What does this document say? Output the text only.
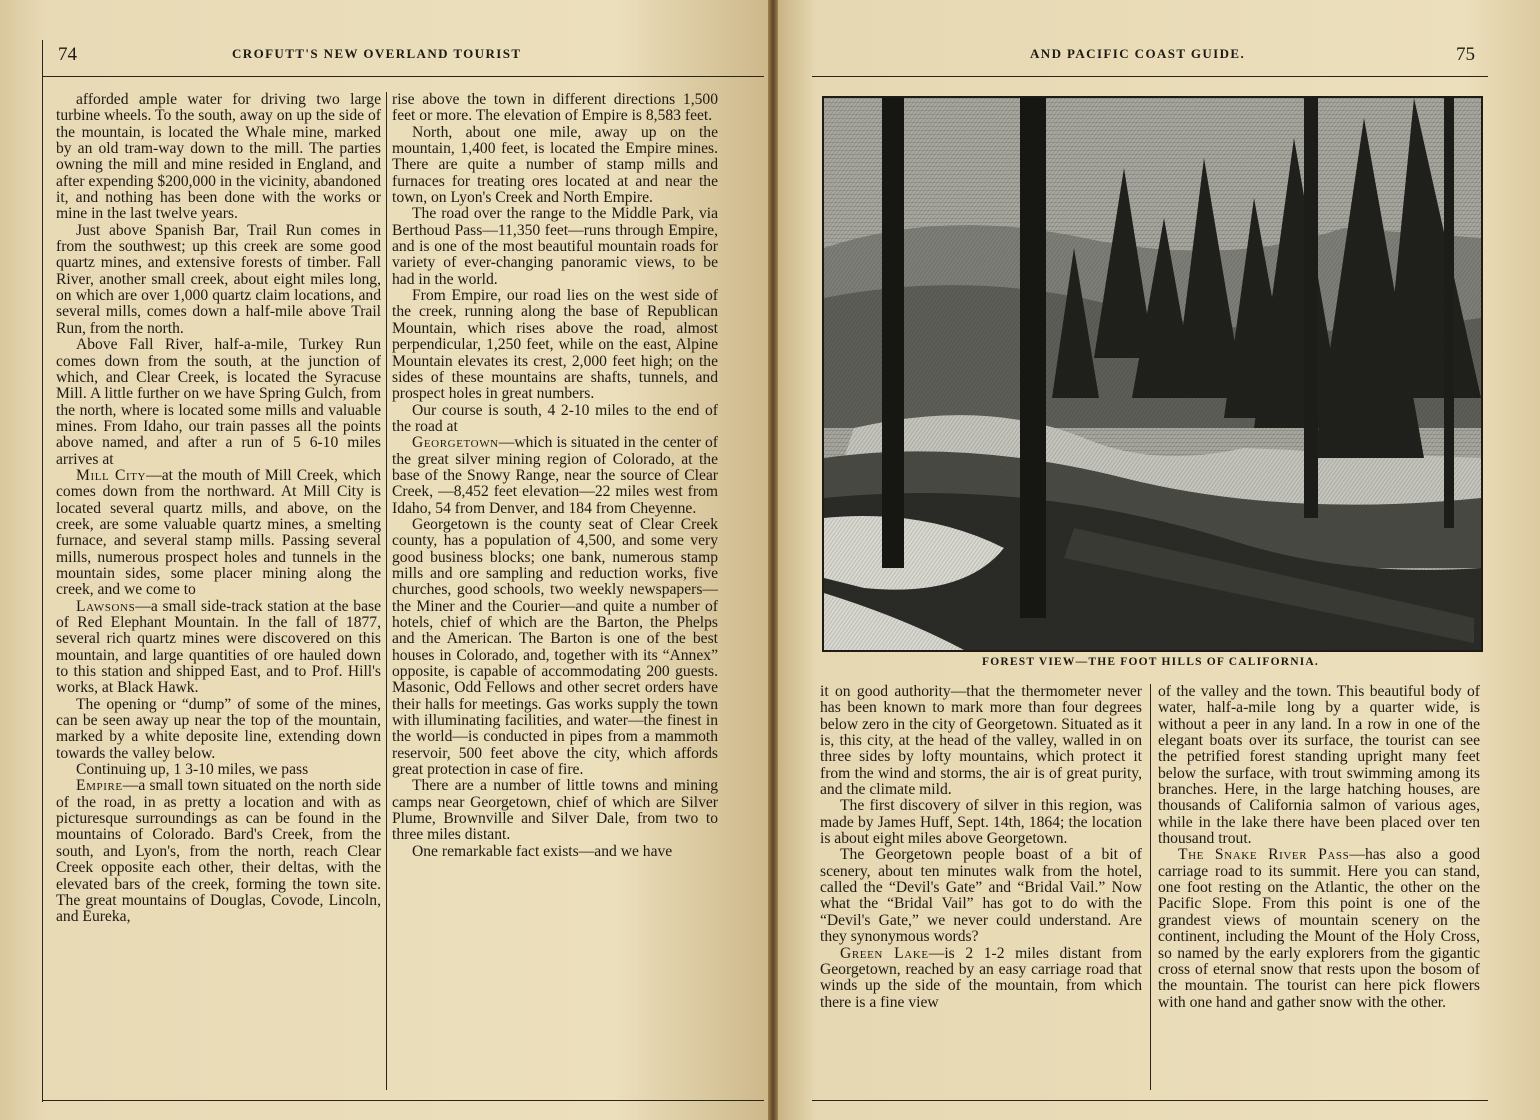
74	CROFUTT'S NEW OVERLAND TOURIST

afforded ample water for driving two large turbine wheels. To the south, away on up the side of the mountain, is located the Whale mine, marked by an old tram-way down to the mill. The parties owning the mill and mine resided in England, and after expending $200,000 in the vicinity, abandoned it, and nothing has been done with the works or mine in the last twelve years.

Just above Spanish Bar, Trail Run comes in from the southwest; up this creek are some good quartz mines, and extensive forests of timber. Fall River, another small creek, about eight miles long, on which are over 1,000 quartz claim locations, and several mills, comes down a half-mile above Trail Run, from the north.

Above Fall River, half-a-mile, Turkey Run comes down from the south, at the junction of which, and Clear Creek, is located the Syracuse Mill. A little further on we have Spring Gulch, from the north, where is located some mills and valuable mines. From Idaho, our train passes all the points above named, and after a run of 5 6-10 miles arrives at

Mill City—at the mouth of Mill Creek, which comes down from the northward. At Mill City is located several quartz mills, and above, on the creek, are some valuable quartz mines, a smelting furnace, and several stamp mills. Passing several mills, numerous prospect holes and tunnels in the mountain sides, some placer mining along the creek, and we come to

Lawsons—a small side-track station at the base of Red Elephant Mountain. In the fall of 1877, several rich quartz mines were discovered on this mountain, and large quantities of ore hauled down to this station and shipped East, and to Prof. Hill's works, at Black Hawk.

The opening or “dump” of some of the mines, can be seen away up near the top of the mountain, marked by a white deposite line, extending down towards the valley below.

Continuing up, 1 3-10 miles, we pass

Empire—a small town situated on the north side of the road, in as pretty a location and with as picturesque surroundings as can be found in the mountains of Colorado. Bard's Creek, from the south, and Lyon's, from the north, reach Clear Creek opposite each other, their deltas, with the elevated bars of the creek, forming the town site. The great mountains of Douglas, Covode, Lincoln, and Eureka,

rise above the town in different directions 1,500 feet or more. The elevation of Empire is 8,583 feet.

North, about one mile, away up on the mountain, 1,400 feet, is located the Empire mines. There are quite a number of stamp mills and furnaces for treating ores located at and near the town, on Lyon's Creek and North Empire.

The road over the range to the Middle Park, via Berthoud Pass—11,350 feet—runs through Empire, and is one of the most beautiful mountain roads for variety of ever-changing panoramic views, to be had in the world.

From Empire, our road lies on the west side of the creek, running along the base of Republican Mountain, which rises above the road, almost perpendicular, 1,250 feet, while on the east, Alpine Mountain elevates its crest, 2,000 feet high; on the sides of these mountains are shafts, tunnels, and prospect holes in great numbers.

Our course is south, 4 2-10 miles to the end of the road at

Georgetown—which is situated in the center of the great silver mining region of Colorado, at the base of the Snowy Range, near the source of Clear Creek, —8,452 feet elevation—22 miles west from Idaho, 54 from Denver, and 184 from Cheyenne.

Georgetown is the county seat of Clear Creek county, has a population of 4,500, and some very good business blocks; one bank, numerous stamp mills and ore sampling and reduction works, five churches, good schools, two weekly newspapers—the Miner and the Courier—and quite a number of hotels, chief of which are the Barton, the Phelps and the American. The Barton is one of the best houses in Colorado, and, together with its “Annex” opposite, is capable of accommodating 200 guests. Masonic, Odd Fellows and other secret orders have their halls for meetings. Gas works supply the town with illuminating facilities, and water—the finest in the world—is conducted in pipes from a mammoth reservoir, 500 feet above the city, which affords great protection in case of fire.

There are a number of little towns and mining camps near Georgetown, chief of which are Silver Plume, Brownville and Silver Dale, from two to three miles distant.

One remarkable fact exists—and we have

AND PACIFIC COAST GUIDE.	75
FOREST VIEW—THE FOOT HILLS OF CALIFORNIA.

it on good authority—that the thermometer never has been known to mark more than four degrees below zero in the city of Georgetown. Situated as it is, this city, at the head of the valley, walled in on three sides by lofty mountains, which protect it from the wind and storms, the air is of great purity, and the climate mild.

The first discovery of silver in this region, was made by James Huff, Sept. 14th, 1864; the location is about eight miles above Georgetown.

The Georgetown people boast of a bit of scenery, about ten minutes walk from the hotel, called the “Devil's Gate” and “Bridal Vail.” Now what the “Bridal Vail” has got to do with the “Devil's Gate,” we never could understand. Are they synonymous words?

Green Lake—is 2 1-2 miles distant from Georgetown, reached by an easy carriage road that winds up the side of the mountain, from which there is a fine view

of the valley and the town. This beautiful body of water, half-a-mile long by a quarter wide, is without a peer in any land. In a row in one of the elegant boats over its surface, the tourist can see the petrified forest standing upright many feet below the surface, with trout swimming among its branches. Here, in the large hatching houses, are thousands of California salmon of various ages, while in the lake there have been placed over ten thousand trout.

The Snake River Pass—has also a good carriage road to its summit. Here you can stand, one foot resting on the Atlantic, the other on the Pacific Slope. From this point is one of the grandest views of mountain scenery on the continent, including the Mount of the Holy Cross, so named by the early explorers from the gigantic cross of eternal snow that rests upon the bosom of the mountain. The tourist can here pick flowers with one hand and gather snow with the other.
